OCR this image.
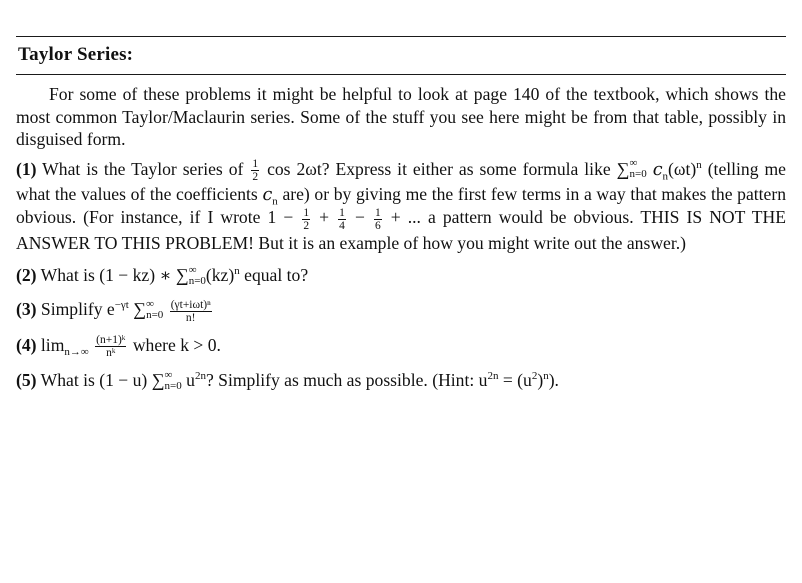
Taylor Series:

For some of these problems it might be helpful to look at page 140 of the textbook, which shows the most common Taylor/Maclaurin series. Some of the stuff you see here might be from that table, possibly in disguised form.

(1) What is the Taylor series of $\frac{1}{2}$ cos 2ωt? Express it either as some formula like ∑ ∞
n=0 $c_n(\omega t)^n$ (telling me what the values of the coefficients $c_n$ are) or by giving me the first few terms in a way that makes the pattern obvious. (For instance, if I wrote $1 - \frac{1}{2} + \frac{1}{4} - \frac{1}{6}$ + ... a pattern would be obvious. THIS IS NOT THE ANSWER TO THIS PROBLEM! But it is an example of how you might write out the answer.)

(2) What is (1 − kz) ∗ ∑ ∞
n=0 (kz)$^n$ equal to?

(3) Simplify $e^{-\gamma t}$ ∑ ∞
n=0
$\frac{\text{(γt+iωt)ⁿ}}{n!}$

(4) $\lim_{n\to\infty} \frac{\text{(n+1)ᵏ}}{\text{nᵏ}}$ where k > 0.

(5) What is (1 − u) ∑ ∞
n=0 $u^{2n}$? Simplify as much as possible. (Hint: $u^{2n} = (u^2)^n$).
